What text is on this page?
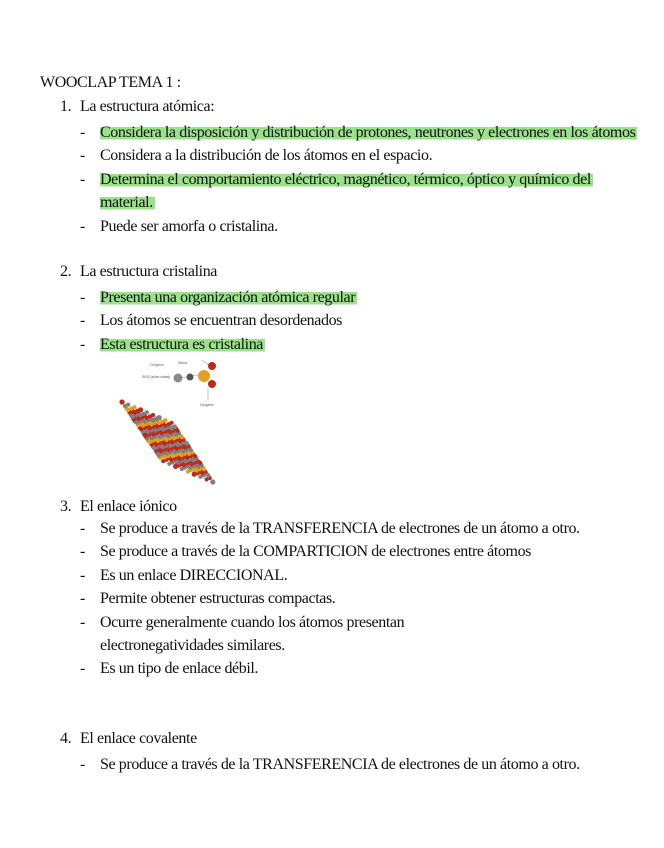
WOOCLAP TEMA 1 :
1. La estructura atómica:
- Considera la disposición y distribución de protones, neutrones y electrones en los átomos
- Considera a la distribución de los átomos en el espacio.
- Determina el comportamiento eléctrico, magnético, térmico, óptico y químico del material.
- Puede ser amorfa o cristalina.
2. La estructura cristalina
- Presenta una organización atómica regular
- Los átomos se encuentran desordenados
- Esta estructura es cristalina
Oxígeno	Silicio
SiO2 (sílice cristal)
Oxígeno
3. El enlace iónico
- Se produce a través de la TRANSFERENCIA de electrones de un átomo a otro.
- Se produce a través de la COMPARTICION de electrones entre átomos
- Es un enlace DIRECCIONAL.
- Permite obtener estructuras compactas.
- Ocurre generalmente cuando los átomos presentan electronegatividades similares.
- Es un tipo de enlace débil.
4. El enlace covalente
- Se produce a través de la TRANSFERENCIA de electrones de un átomo a otro.
